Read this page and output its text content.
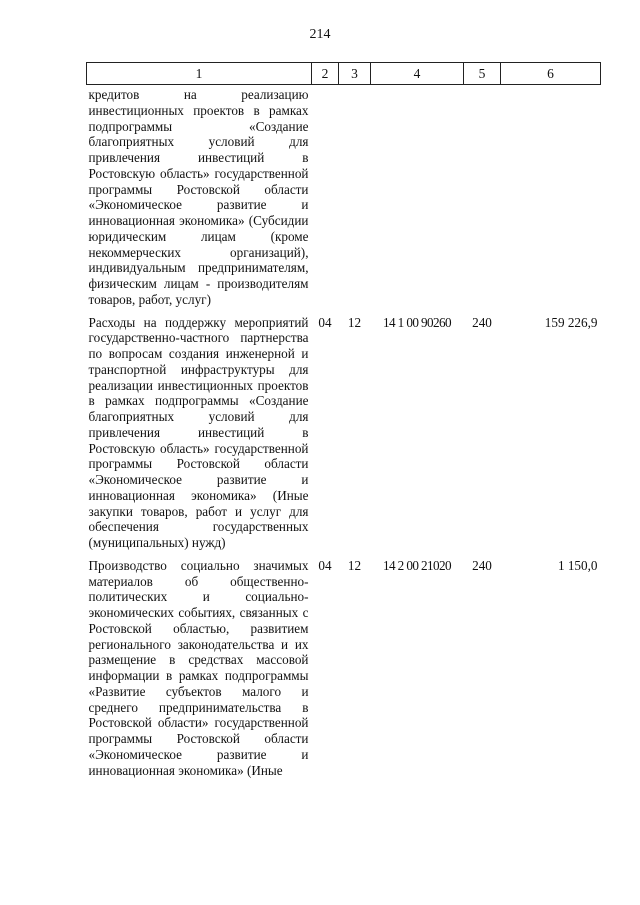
214
1	2	3	4	5	6
кредитов на реализацию инвестиционных проектов в рамках подпрограммы «Создание благоприятных условий для привлечения инвестиций в Ростовскую область» государственной программы Ростовской области «Экономическое развитие и инновационная экономика» (Субсидии юридическим лицам (кроме некоммерческих организаций), индивидуальным предпринимателям, физическим лицам - производителям товаров, работ, услуг)					
Расходы на поддержку мероприятий государственно-частного партнерства по вопросам создания инженерной и транспортной инфраструктуры для реализации инвестиционных проектов в рамках подпрограммы «Создание благоприятных условий для привлечения инвестиций в Ростовскую область» государственной программы Ростовской области «Экономическое развитие и инновационная экономика» (Иные закупки товаров, работ и услуг для обеспечения государственных (муниципальных) нужд)	04	12	14 1 00 90260	240	159 226,9
Производство социально значимых материалов об общественно-политических и социально-экономических событиях, связанных с Ростовской областью, развитием регионального законодательства и их размещение в средствах массовой информации в рамках подпрограммы «Развитие субъектов малого и среднего предпринимательства в Ростовской области» государственной программы Ростовской области «Экономическое развитие и инновационная экономика» (Иные	04	12	14 2 00 21020	240	1 150,0
